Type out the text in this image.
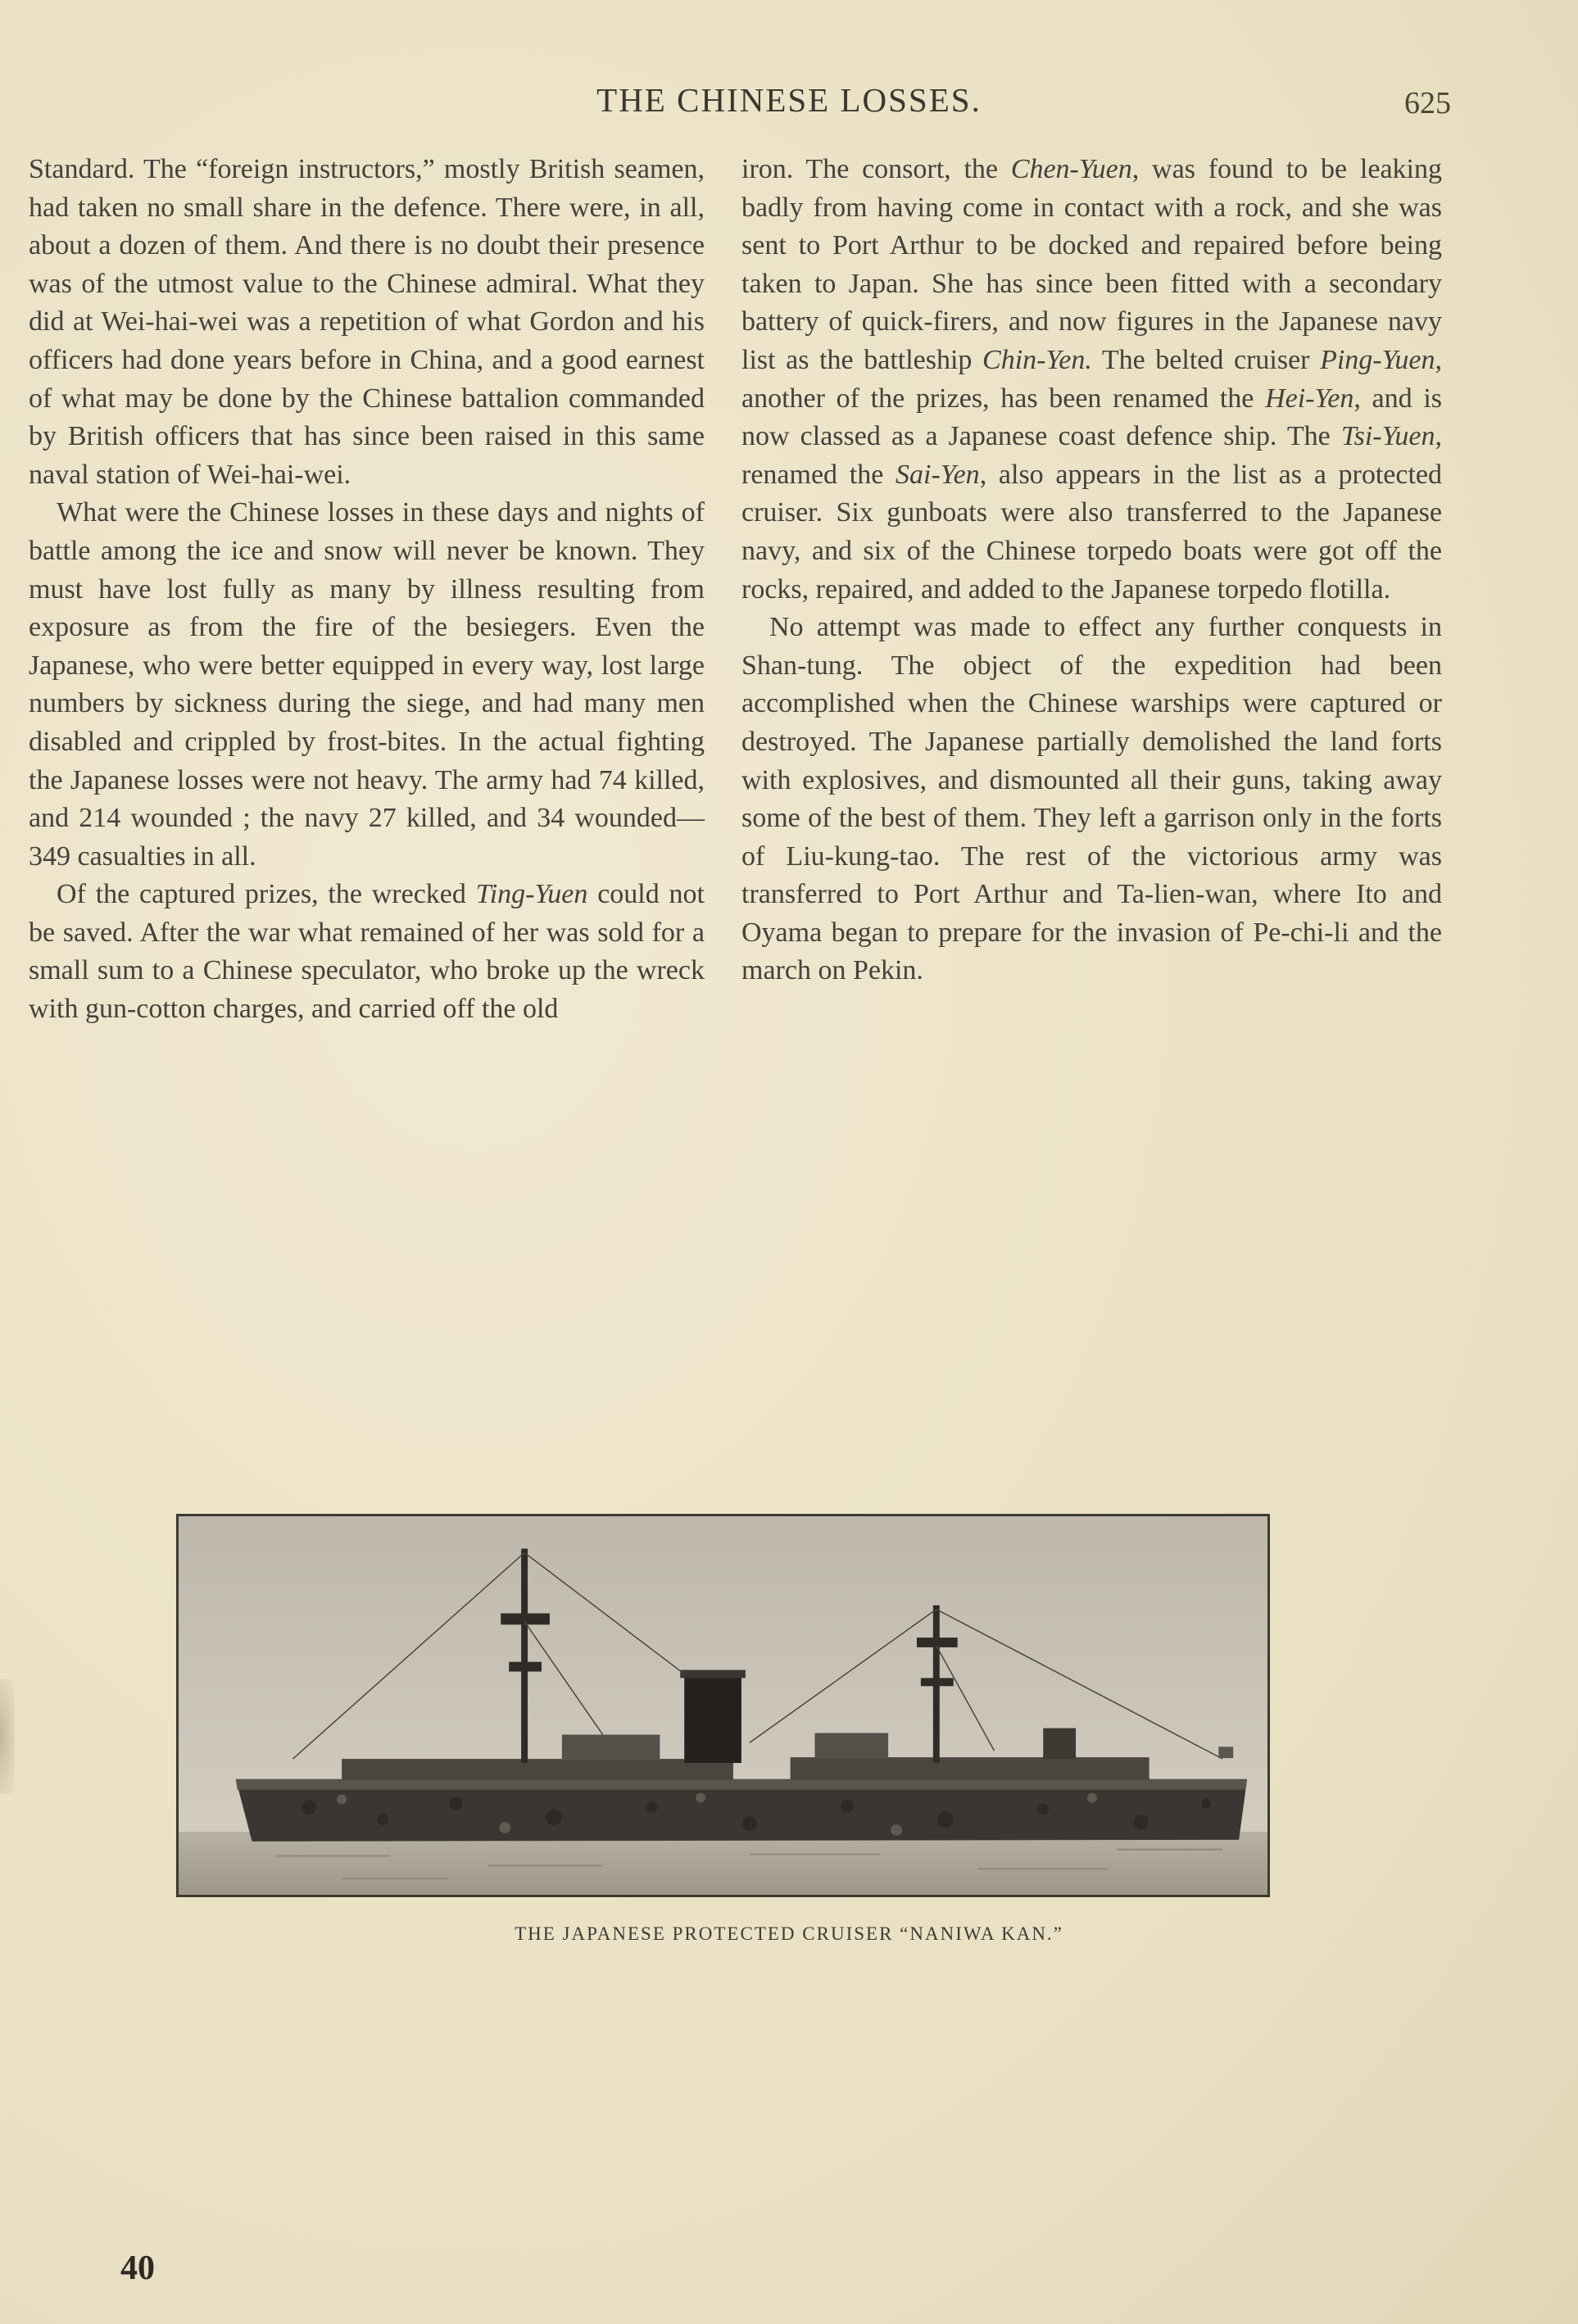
THE CHINESE LOSSES.	625

Standard. The “foreign instructors,” mostly British seamen, had taken no small share in the defence. There were, in all, about a dozen of them. And there is no doubt their presence was of the utmost value to the Chinese admiral. What they did at Wei-hai-wei was a repetition of what Gordon and his officers had done years before in China, and a good earnest of what may be done by the Chinese battalion commanded by British officers that has since been raised in this same naval station of Wei-hai-wei.

What were the Chinese losses in these days and nights of battle among the ice and snow will never be known. They must have lost fully as many by illness resulting from exposure as from the fire of the besiegers. Even the Japanese, who were better equipped in every way, lost large numbers by sickness during the siege, and had many men disabled and crippled by frost-bites. In the actual fighting the Japanese losses were not heavy. The army had 74 killed, and 214 wounded ; the navy 27 killed, and 34 wounded—349 casualties in all.

Of the captured prizes, the wrecked Ting-Yuen could not be saved. After the war what remained of her was sold for a small sum to a Chinese speculator, who broke up the wreck with gun-cotton charges, and carried off the old

iron. The consort, the Chen-Yuen, was found to be leaking badly from having come in contact with a rock, and she was sent to Port Arthur to be docked and repaired before being taken to Japan. She has since been fitted with a secondary battery of quick-firers, and now figures in the Japanese navy list as the battleship Chin-Yen. The belted cruiser Ping-Yuen, another of the prizes, has been renamed the Hei-Yen, and is now classed as a Japanese coast defence ship. The Tsi-Yuen, renamed the Sai-Yen, also appears in the list as a protected cruiser. Six gunboats were also transferred to the Japanese navy, and six of the Chinese torpedo boats were got off the rocks, repaired, and added to the Japanese torpedo flotilla.

No attempt was made to effect any further conquests in Shan-tung. The object of the expedition had been accomplished when the Chinese warships were captured or destroyed. The Japanese partially demolished the land forts with explosives, and dismounted all their guns, taking away some of the best of them. They left a garrison only in the forts of Liu-kung-tao. The rest of the victorious army was transferred to Port Arthur and Ta-lien-wan, where Ito and Oyama began to prepare for the invasion of Pe-chi-li and the march on Pekin.

THE JAPANESE PROTECTED CRUISER “NANIWA KAN.”
40
